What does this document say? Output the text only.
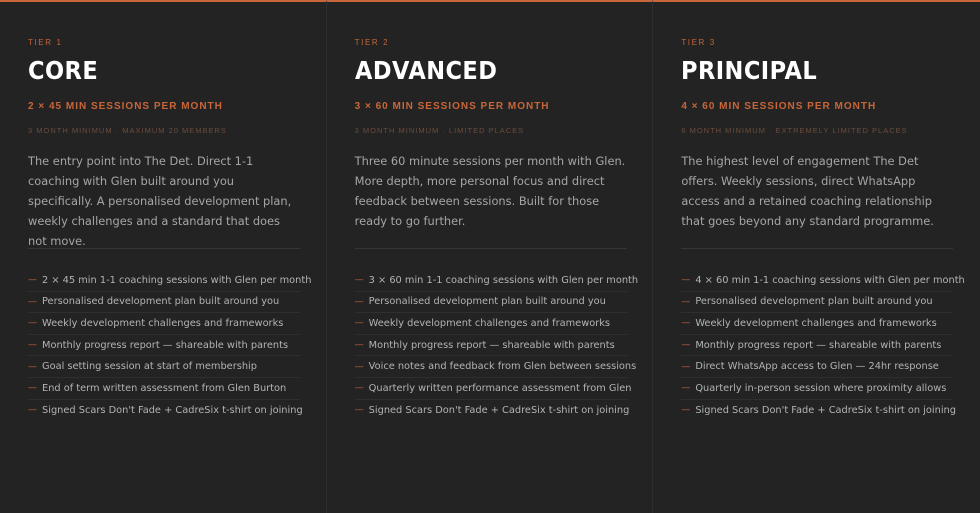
TIER 1
CORE
2 × 45 MIN SESSIONS PER MONTH
3 MONTH MINIMUM · MAXIMUM 20 MEMBERS

The entry point into The Det. Direct 1-1 coaching with Glen built around you specifically. A personalised development plan, weekly challenges and a standard that does not move.

— 2 × 45 min 1-1 coaching sessions with Glen per month
— Personalised development plan built around you
— Weekly development challenges and frameworks
— Monthly progress report — shareable with parents
— Goal setting session at start of membership
— End of term written assessment from Glen Burton
— Signed Scars Don't Fade + CadreSix t-shirt on joining
TIER 2
ADVANCED
3 × 60 MIN SESSIONS PER MONTH
3 MONTH MINIMUM · LIMITED PLACES

Three 60 minute sessions per month with Glen. More depth, more personal focus and direct feedback between sessions. Built for those ready to go further.

— 3 × 60 min 1-1 coaching sessions with Glen per month
— Personalised development plan built around you
— Weekly development challenges and frameworks
— Monthly progress report — shareable with parents
— Voice notes and feedback from Glen between sessions
— Quarterly written performance assessment from Glen
— Signed Scars Don't Fade + CadreSix t-shirt on joining
TIER 3
PRINCIPAL
4 × 60 MIN SESSIONS PER MONTH
6 MONTH MINIMUM · EXTREMELY LIMITED PLACES

The highest level of engagement The Det offers. Weekly sessions, direct WhatsApp access and a retained coaching relationship that goes beyond any standard programme.

— 4 × 60 min 1-1 coaching sessions with Glen per month
— Personalised development plan built around you
— Weekly development challenges and frameworks
— Monthly progress report — shareable with parents
— Direct WhatsApp access to Glen — 24hr response
— Quarterly in-person session where proximity allows
— Signed Scars Don't Fade + CadreSix t-shirt on joining
